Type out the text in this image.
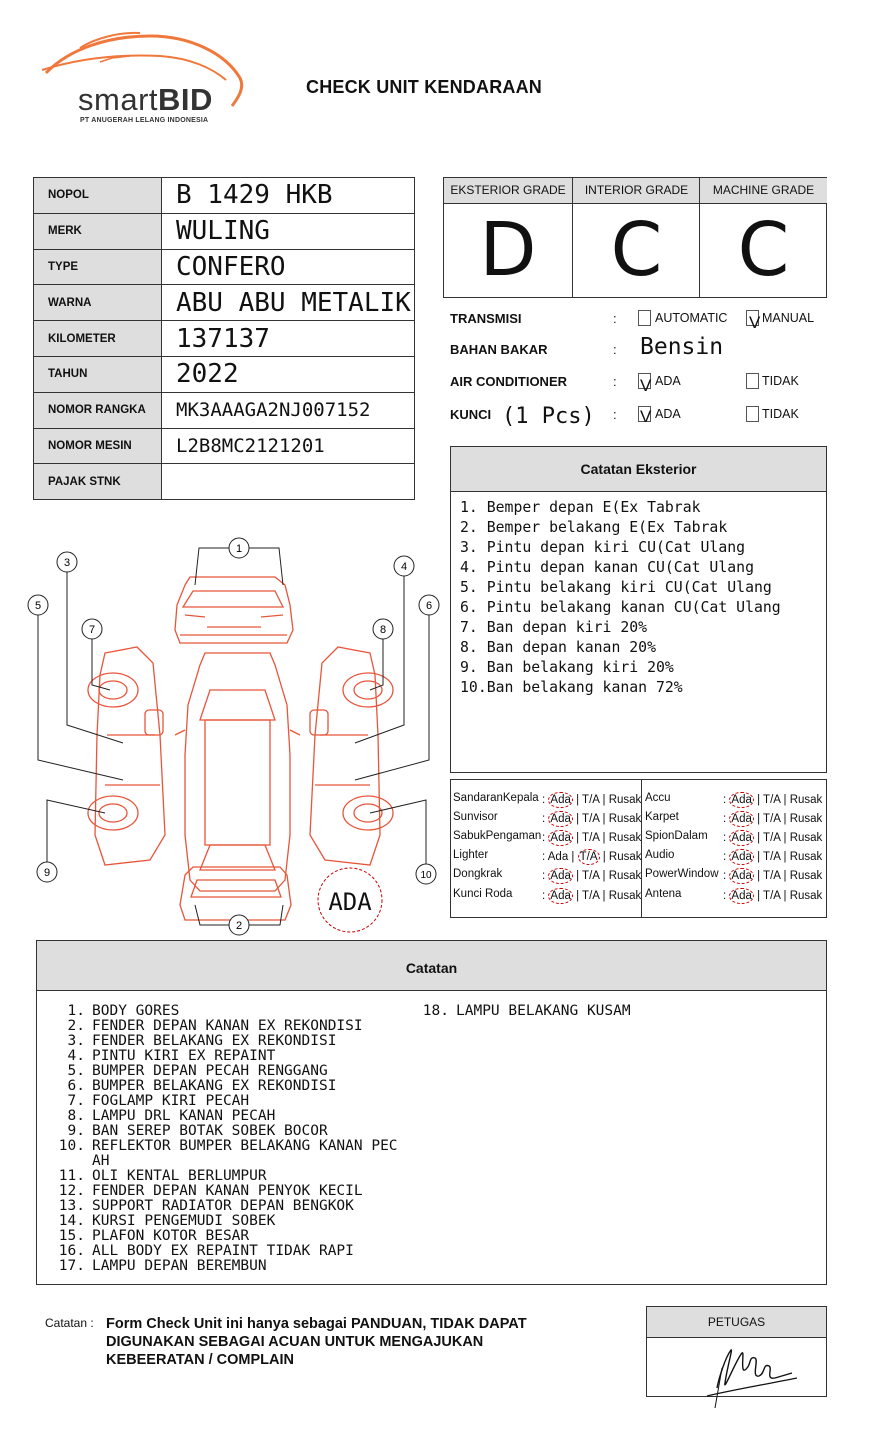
smartBID
PT ANUGERAH LELANG INDONESIA
CHECK UNIT KENDARAAN
NOPOL	B 1429 HKB
MERK	WULING
TYPE	CONFERO
WARNA	ABU ABU METALIK
KILOMETER	137137
TAHUN	2022
NOMOR RANGKA	MK3AAAGA2NJ007152
NOMOR MESIN	L2B8MC2121201
PAJAK STNK	
EKSTERIOR GRADE
D
INTERIOR GRADE
C
MACHINE GRADE
C
TRANSMISI	:	AUTOMATIC V MANUAL
BAHAN BAKAR	: Bensin
AIR CONDITIONER	: V ADA	TIDAK
KUNCI (1 Pcs) : V ADA	TIDAK
Catatan Eksterior
1. Bemper depan E(Ex Tabrak
2. Bemper belakang E(Ex Tabrak
3. Pintu depan kiri CU(Cat Ulang
4. Pintu depan kanan CU(Cat Ulang
5. Pintu belakang kiri CU(Cat Ulang
6. Pintu belakang kanan CU(Cat Ulang
7. Ban depan kiri 20%
8. Ban depan kanan 20%
9. Ban belakang kiri 20%
10.Ban belakang kanan 72%
SandaranKepala : Ada | T/A | Rusak
Sunvisor	: Ada | T/A | Rusak
SabukPengaman : Ada | T/A | Rusak
Lighter	: Ada | T/A | Rusak
Dongkrak	: Ada | T/A | Rusak
Kunci Roda	: Ada | T/A | Rusak
Accu	: Ada | T/A | Rusak
Karpet	: Ada | T/A | Rusak
SpionDalam : Ada | T/A | Rusak
Audio	: Ada | T/A | Rusak
PowerWindow : Ada | T/A | Rusak
Antena	: Ada | T/A | Rusak
1
2
3	4
5	6
7	8
9	10
ADA
Catatan
1. BODY GORES
2. FENDER DEPAN KANAN EX REKONDISI
3. FENDER BELAKANG EX REKONDISI
4. PINTU KIRI EX REPAINT
5. BUMPER DEPAN PECAH RENGGANG
6. BUMPER BELAKANG EX REKONDISI
7. FOGLAMP KIRI PECAH
8. LAMPU DRL KANAN PECAH
9. BAN SEREP BOTAK SOBEK BOCOR
10. REFLEKTOR BUMPER BELAKANG KANAN PEC AH
11. OLI KENTAL BERLUMPUR
12. FENDER DEPAN KANAN PENYOK KECIL
13. SUPPORT RADIATOR DEPAN BENGKOK
14. KURSI PENGEMUDI SOBEK
15. PLAFON KOTOR BESAR
16. ALL BODY EX REPAINT TIDAK RAPI
17. LAMPU DEPAN BEREMBUN
18. LAMPU BELAKANG KUSAM
Catatan : Form Check Unit ini hanya sebagai PANDUAN, TIDAK DAPAT DIGUNAKAN SEBAGAI ACUAN UNTUK MENGAJUKAN KEBEERATAN / COMPLAIN
PETUGAS
